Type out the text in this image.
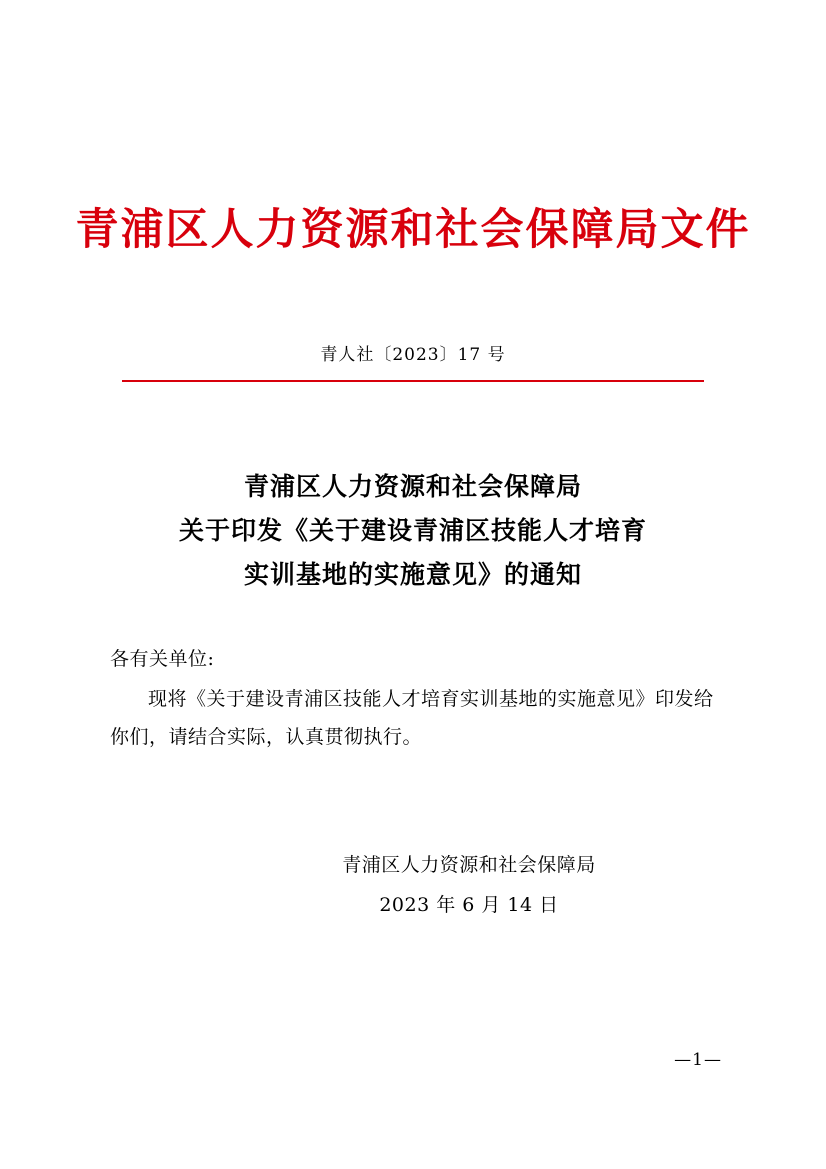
青浦区人力资源和社会保障局文件
青人社〔2023〕17 号
青浦区人力资源和社会保障局
关于印发《关于建设青浦区技能人才培育
实训基地的实施意见》的通知
各有关单位:
现将《关于建设青浦区技能人才培育实训基地的实施意见》印发给你们，请结合实际，认真贯彻执行。
青浦区人力资源和社会保障局
2023 年 6 月 14 日
—1—
